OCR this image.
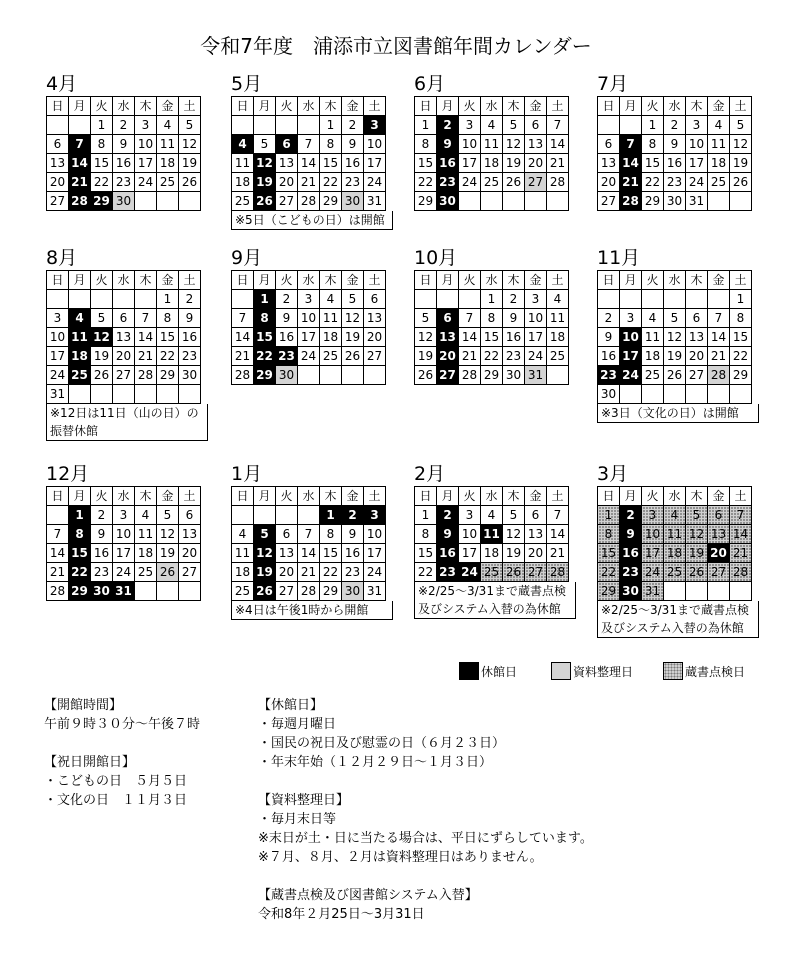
令和7年度　浦添市立図書館年間カレンダー
4月
日	月	火	水	木	金	土
		1	2	3	4	5
6	7	8	9	10	11	12
13	14	15	16	17	18	19
20	21	22	23	24	25	26
27	28	29	30			
5月
日	月	火	水	木	金	土
				1	2	3
4	5	6	7	8	9	10
11	12	13	14	15	16	17
18	19	20	21	22	23	24
25	26	27	28	29	30	31
※5日（こどもの日）は開館
6月
日	月	火	水	木	金	土
1	2	3	4	5	6	7
8	9	10	11	12	13	14
15	16	17	18	19	20	21
22	23	24	25	26	27	28
29	30					
7月
日	月	火	水	木	金	土
		1	2	3	4	5
6	7	8	9	10	11	12
13	14	15	16	17	18	19
20	21	22	23	24	25	26
27	28	29	30	31		
8月
日	月	火	水	木	金	土
					1	2
3	4	5	6	7	8	9
10	11	12	13	14	15	16
17	18	19	20	21	22	23
24	25	26	27	28	29	30
31						
※12日は11日（山の日）の
振替休館
9月
日	月	火	水	木	金	土
	1	2	3	4	5	6
7	8	9	10	11	12	13
14	15	16	17	18	19	20
21	22	23	24	25	26	27
28	29	30				
10月
日	月	火	水	木	金	土
			1	2	3	4
5	6	7	8	9	10	11
12	13	14	15	16	17	18
19	20	21	22	23	24	25
26	27	28	29	30	31	
11月
日	月	火	水	木	金	土
						1
2	3	4	5	6	7	8
9	10	11	12	13	14	15
16	17	18	19	20	21	22
23	24	25	26	27	28	29
30						
※3日（文化の日）は開館
12月
日	月	火	水	木	金	土
	1	2	3	4	5	6
7	8	9	10	11	12	13
14	15	16	17	18	19	20
21	22	23	24	25	26	27
28	29	30	31			
1月
日	月	火	水	木	金	土
				1	2	3
4	5	6	7	8	9	10
11	12	13	14	15	16	17
18	19	20	21	22	23	24
25	26	27	28	29	30	31
※4日は午後1時から開館
2月
日	月	火	水	木	金	土
1	2	3	4	5	6	7
8	9	10	11	12	13	14
15	16	17	18	19	20	21
22	23	24	25	26	27	28
※2/25～3/31まで蔵書点検
及びシステム入替の為休館
3月
日	月	火	水	木	金	土
1	2	3	4	5	6	7
8	9	10	11	12	13	14
15	16	17	18	19	20	21
22	23	24	25	26	27	28
29	30	31				
※2/25～3/31まで蔵書点検
及びシステム入替の為休館
休館日	資料整理日	蔵書点検日
【開館時間】
午前９時３０分～午後７時
【祝日開館日】
・こどもの日　５月５日
・文化の日　１１月３日
【休館日】
・毎週月曜日
・国民の祝日及び慰霊の日（６月２３日）
・年末年始（１２月２９日～１月３日）
【資料整理日】
・毎月末日等
※末日が土・日に当たる場合は、平日にずらしています。
※７月、８月、２月は資料整理日はありません。
【蔵書点検及び図書館システム入替】
令和8年２月25日～3月31日
